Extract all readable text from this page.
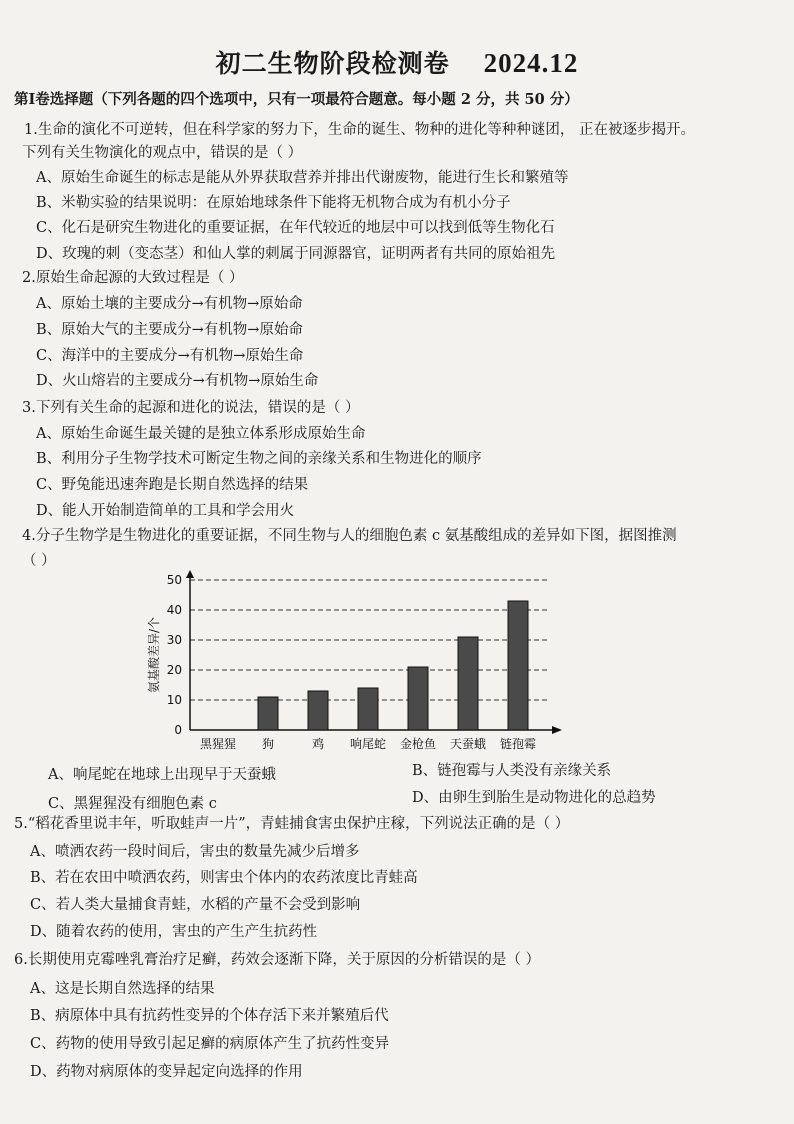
初二生物阶段检测卷 2024.12
第Ⅰ卷选择题（下列各题的四个选项中，只有一项最符合题意。每小题 2 分，共 50 分）
1.生命的演化不可逆转，但在科学家的努力下，生命的诞生、物种的进化等种种谜团， 正在被逐步揭开。
下列有关生物演化的观点中，错误的是（ ）
A、原始生命诞生的标志是能从外界获取营养并排出代谢废物，能进行生长和繁殖等
B、米勒实验的结果说明：在原始地球条件下能将无机物合成为有机小分子
C、化石是研究生物进化的重要证据，在年代较近的地层中可以找到低等生物化石
D、玫瑰的刺（变态茎）和仙人掌的刺属于同源器官，证明两者有共同的原始祖先
2.原始生命起源的大致过程是（ ）
A、原始土壤的主要成分→有机物→原始命
B、原始大气的主要成分→有机物→原始命
C、海洋中的主要成分→有机物→原始生命
D、火山熔岩的主要成分→有机物→原始生命
3.下列有关生命的起源和进化的说法，错误的是（ ）
A、原始生命诞生最关键的是独立体系形成原始生命
B、利用分子生物学技术可断定生物之间的亲缘关系和生物进化的顺序
C、野兔能迅速奔跑是长期自然选择的结果
D、能人开始制造简单的工具和学会用火
4.分子生物学是生物进化的重要证据，不同生物与人的细胞色素 c 氨基酸组成的差异如下图，据图推测
（ ）
0
10
20
30
40
50
氨基酸差异/个
黑猩猩 狗	鸡 响尾蛇 金枪鱼 天蚕蛾 链孢霉
A、响尾蛇在地球上出现早于天蚕蛾	B、链孢霉与人类没有亲缘关系
C、黑猩猩没有细胞色素 c	D、由卵生到胎生是动物进化的总趋势
5.“稻花香里说丰年，听取蛙声一片”，青蛙捕食害虫保护庄稼，下列说法正确的是（ ）
A、喷洒农药一段时间后，害虫的数量先减少后增多
B、若在农田中喷洒农药，则害虫个体内的农药浓度比青蛙高
C、若人类大量捕食青蛙，水稻的产量不会受到影响
D、随着农药的使用，害虫的产生产生抗药性
6.长期使用克霉唑乳膏治疗足癣，药效会逐渐下降，关于原因的分析错误的是（ ）
A、这是长期自然选择的结果
B、病原体中具有抗药性变异的个体存活下来并繁殖后代
C、药物的使用导致引起足癣的病原体产生了抗药性变异
D、药物对病原体的变异起定向选择的作用
